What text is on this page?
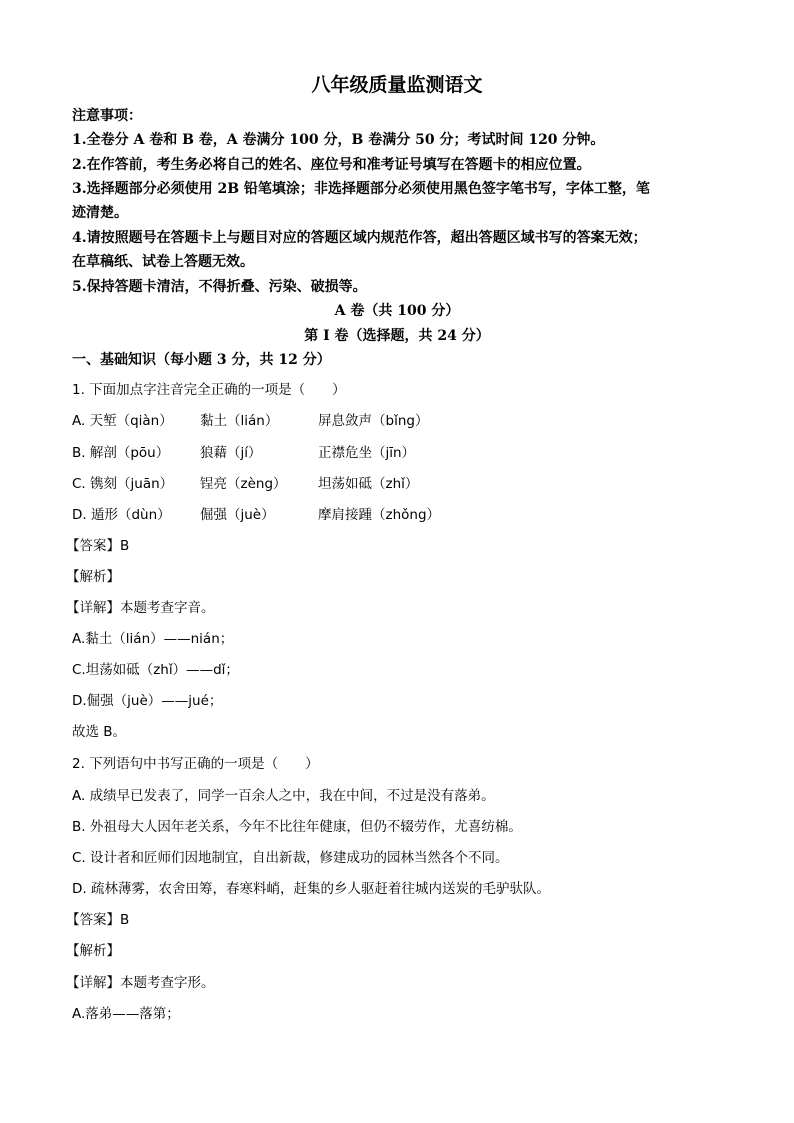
八年级质量监测语文
注意事项：
1.全卷分 A 卷和 B 卷，A 卷满分 100 分，B 卷满分 50 分；考试时间 120 分钟。
2.在作答前，考生务必将自己的姓名、座位号和准考证号填写在答题卡的相应位置。
3.选择题部分必须使用 2B 铅笔填涂；非选择题部分必须使用黑色签字笔书写，字体工整，笔
迹清楚。
4.请按照题号在答题卡上与题目对应的答题区域内规范作答，超出答题区域书写的答案无效；
在草稿纸、试卷上答题无效。
5.保持答题卡清洁，不得折叠、污染、破损等。
A 卷（共 100 分）
第 I 卷（选择题，共 24 分）
一、基础知识（每小题 3 分，共 12 分）
1. 下面加点字注音完全正确的一项是（　　）
A. 天堑（qiàn） 黏土（lián）	屏息敛声（bǐng）
B. 解剖（pōu） 狼藉（jí）	正襟危坐（jīn）
C. 镌刻（juān） 锃亮（zèng） 坦荡如砥（zhǐ）
D. 遁形（dùn） 倔强（juè）	摩肩接踵（zhǒng）
【答案】B
【解析】
【详解】本题考查字音。
A.黏土（lián）——nián；
C.坦荡如砥（zhǐ）——dǐ；
D.倔强（juè）——jué；
故选 B。
2. 下列语句中书写正确的一项是（　　）
A. 成绩早已发表了，同学一百余人之中，我在中间，不过是没有落弟。
B. 外祖母大人因年老关系，今年不比往年健康，但仍不辍劳作，尤喜纺棉。
C. 设计者和匠师们因地制宜，自出新裁，修建成功的园林当然各个不同。
D. 疏林薄雾，农舍田筹，春寒料峭，赶集的乡人驱赶着往城内送炭的毛驴驮队。
【答案】B
【解析】
【详解】本题考查字形。
A.落弟——落第；
